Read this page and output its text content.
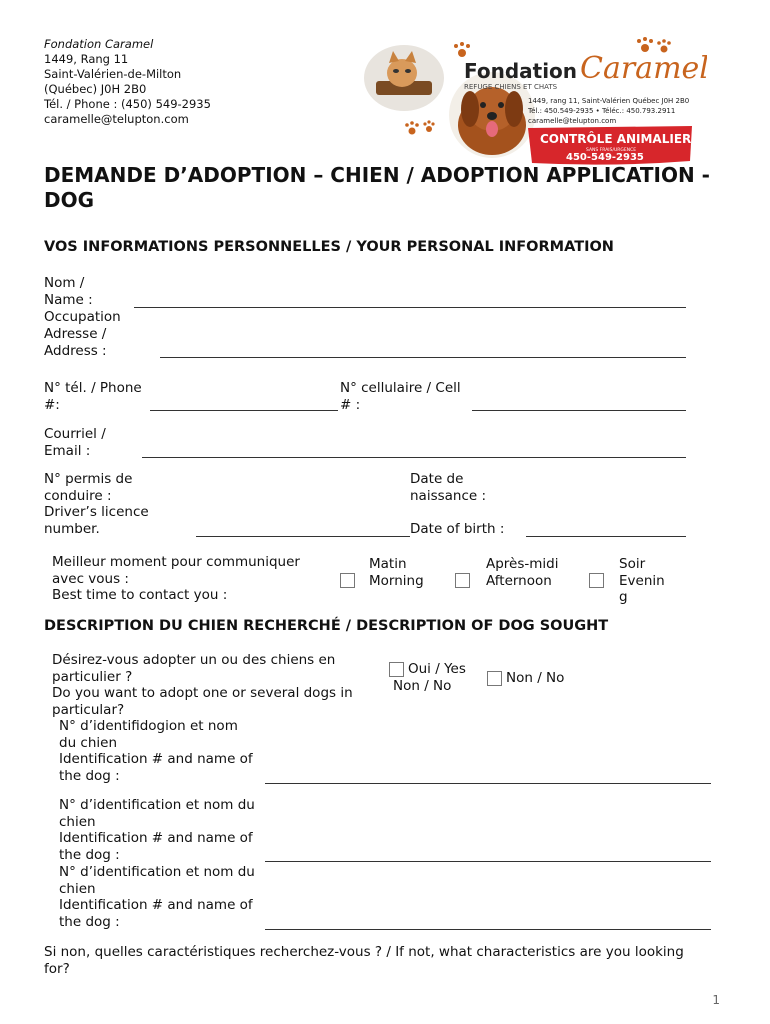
Fondation Caramel
1449, Rang 11
Saint-Valérien-de-Milton
(Québec) J0H 2B0
Tél. / Phone : (450) 549-2935
caramelle@telupton.com
Fondation Caramel
REFUGE CHIENS ET CHATS
1449, rang 11, Saint-Valérien Québec J0H 2B0
Tél.: 450.549-2935 • Téléc.: 450.793.2911
caramelle@telupton.com
CONTRÔLE ANIMALIER
SANS FRAIS/URGENCE
450-549-2935
DEMANDE D’ADOPTION – CHIEN / ADOPTION APPLICATION - DOG
VOS INFORMATIONS PERSONNELLES / YOUR PERSONAL INFORMATION
Nom /
Name :
Occupation
Adresse /
Address :
N° tél. / Phone
#:
N° cellulaire / Cell
# :
Courriel /
Email :
N° permis de
conduire :
Driver’s licence
number.
Date de
naissance :
Date of birth :
Meilleur moment pour communiquer
avec vous :
Best time to contact you :
Matin
Morning
Après-midi
Afternoon
Soir
Evenin
g
DESCRIPTION DU CHIEN RECHERCHÉ / DESCRIPTION OF DOG SOUGHT
Désirez-vous adopter un ou des chiens en
particulier ?
Do you want to adopt one or several dogs in
particular?
Oui / Yes
Non / No	Non / No
N° d’identifidogion et nom
du chien
Identification # and name of
the dog :
N° d’identification et nom du
chien
Identification # and name of
the dog :
N° d’identification et nom du
chien
Identification # and name of
the dog :
Si non, quelles caractéristiques recherchez-vous ? / If not, what characteristics are you looking
for?
1
